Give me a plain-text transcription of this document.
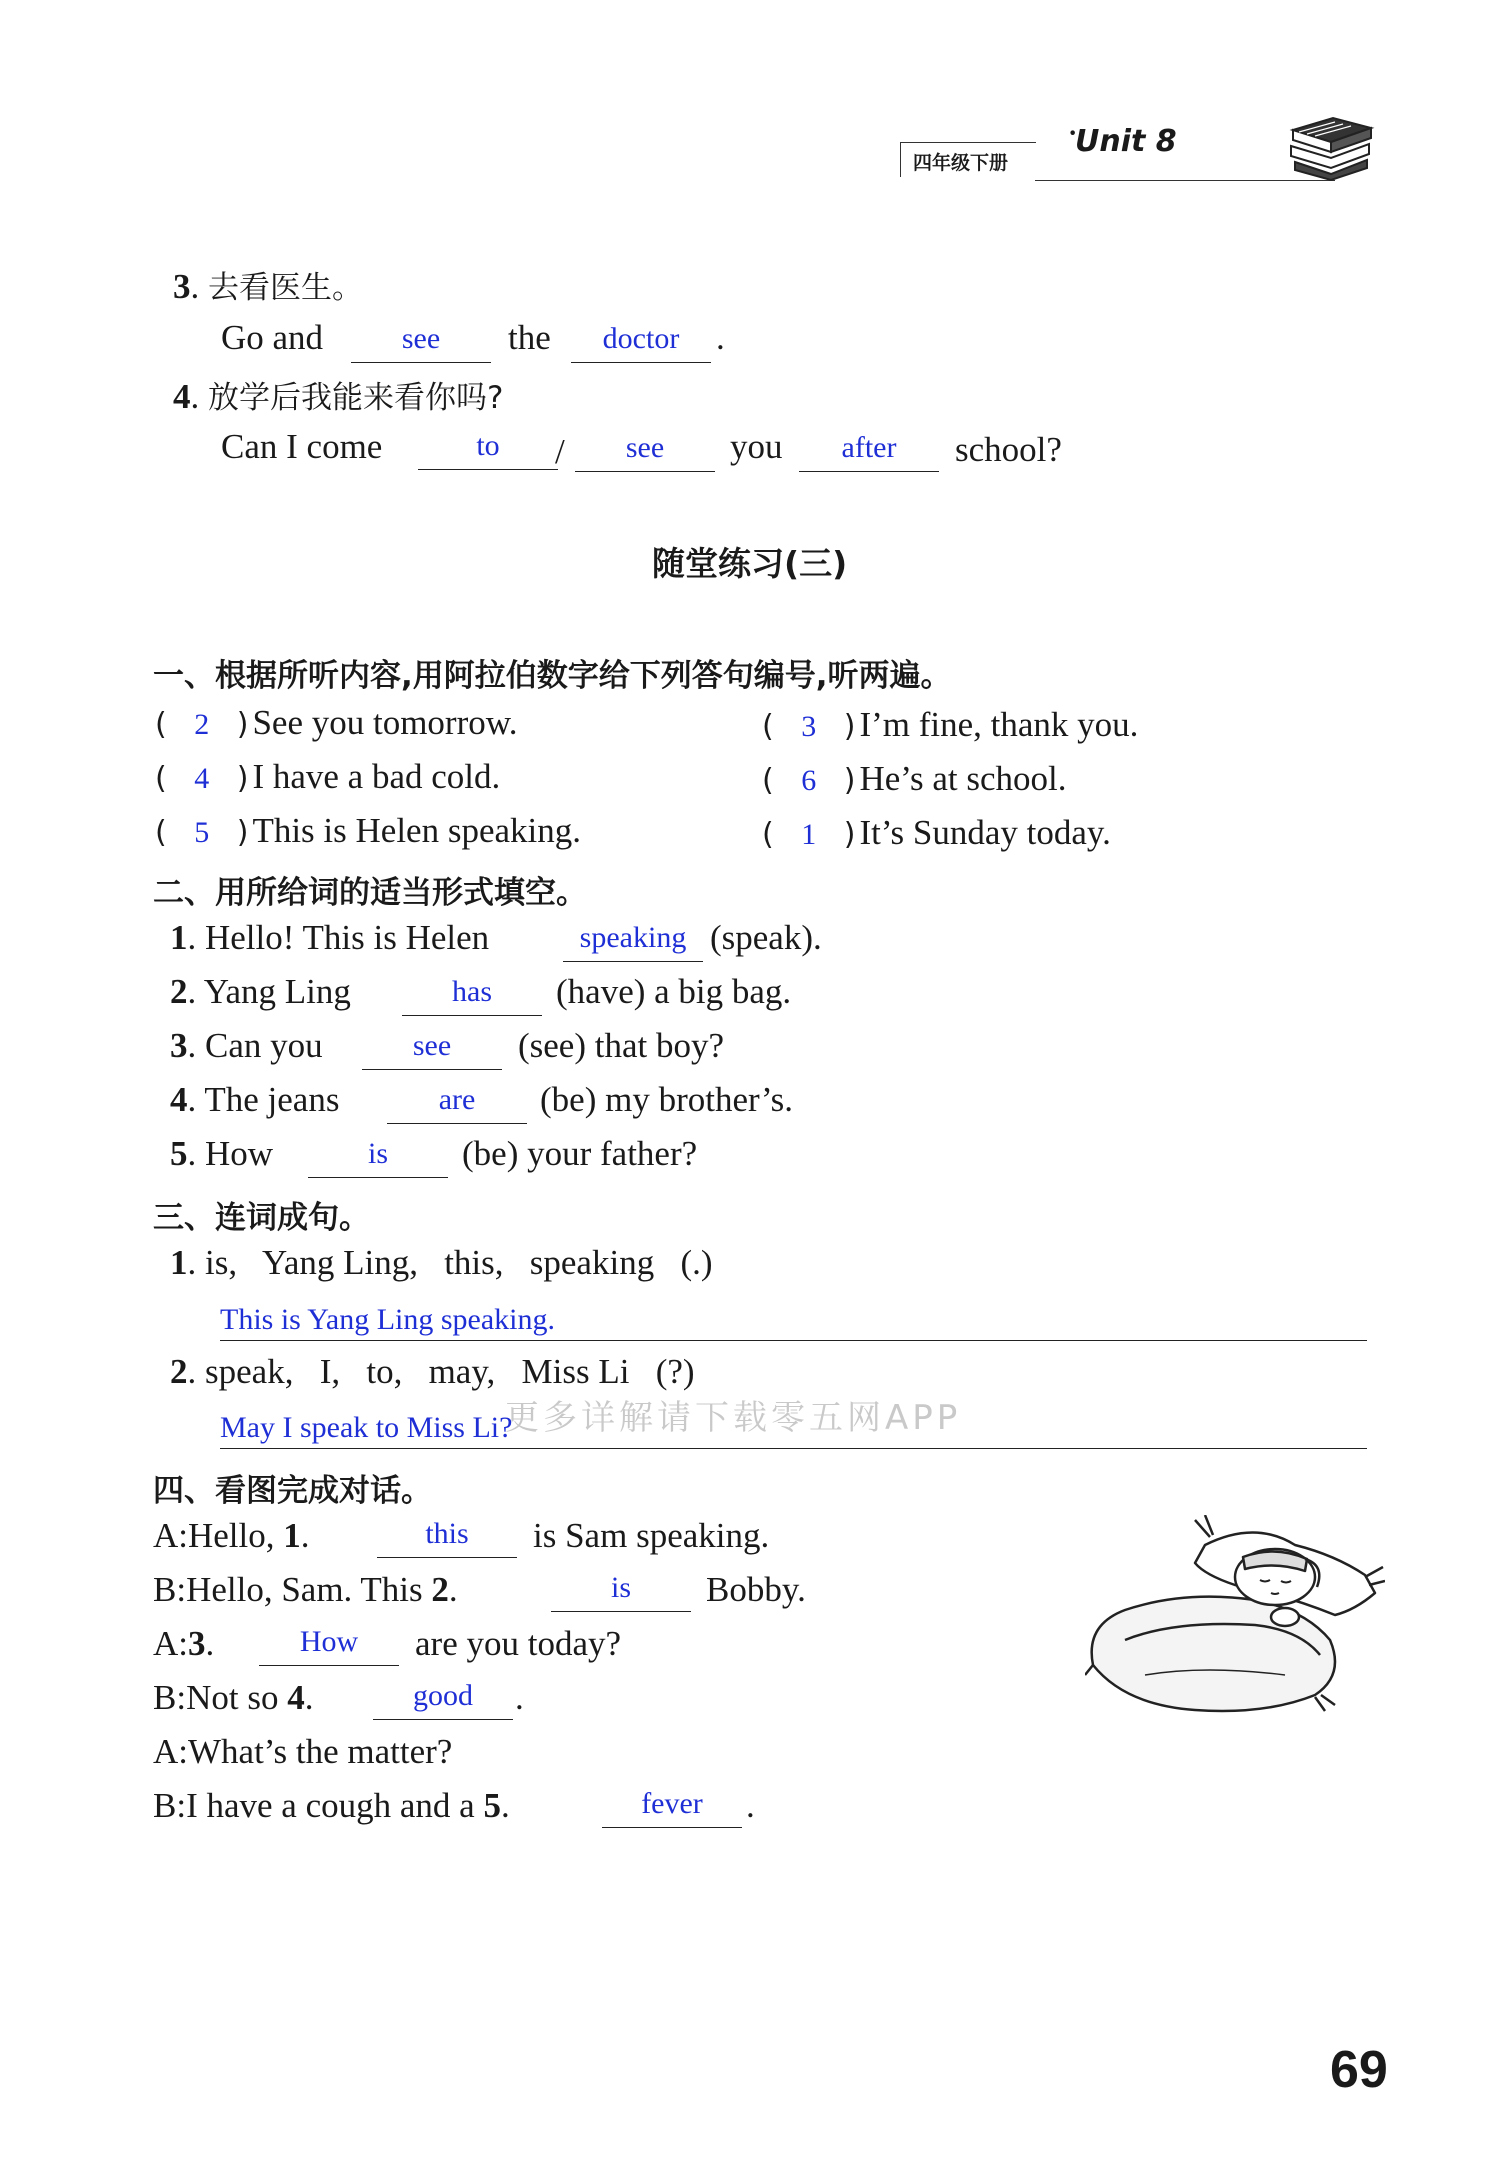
四年级下册
·
Unit 8
3. 去看医生。
Go and	see	the	doctor	.
4. 放学后我能来看你吗?
Can I come	to	/	see	you	after	school?
随堂练习(三)
一、根据所听内容,用阿拉伯数字给下列答句编号,听两遍。
( 2 ) See you tomorrow.	( 3 ) I’m fine, thank you.
( 4 ) I have a bad cold.	( 6 ) He’s at school.
( 5 ) This is Helen speaking.	( 1 ) It’s Sunday today.
二、用所给词的适当形式填空。
1. Hello! This is Helen	speaking (speak).
2. Yang Ling	has	(have) a big bag.
3. Can you	see	(see) that boy?
4. The jeans	are	(be) my brother’s.
5. How	is	(be) your father?
三、连词成句。
1. is,   Yang Ling,   this,   speaking   (.)
This is Yang Ling speaking.
2. speak,   I,   to,   may,   Miss Li   (?)
May I speak to Miss Li?
更多详解请下载零五网APP
四、看图完成对话。
A:Hello, 1.	this	is Sam speaking.
B:Hello, Sam. This 2.	is	Bobby.
A:3.	How	are you today?
B:Not so 4.	good	.
A:What’s the matter?
B:I have a cough and a 5.	fever	.
69
